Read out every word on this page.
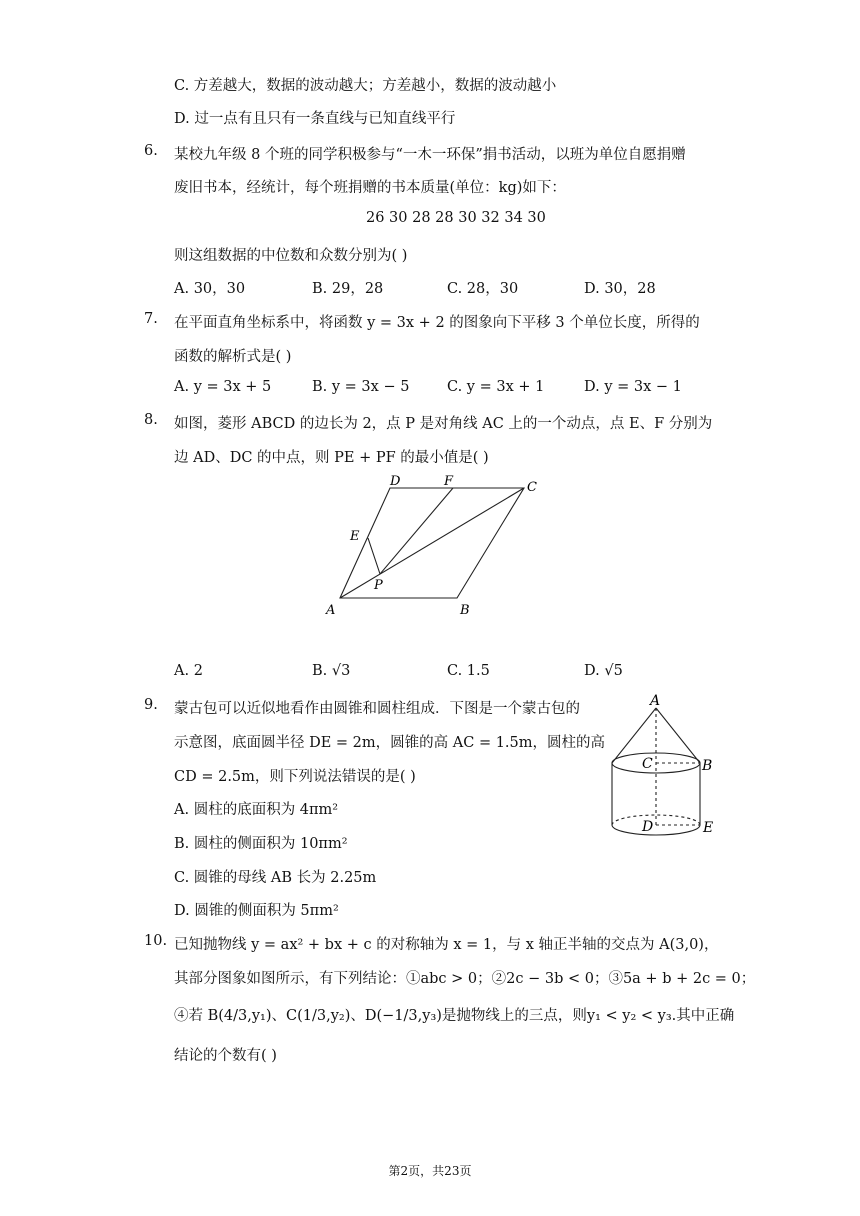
C. 方差越大，数据的波动越大；方差越小，数据的波动越小
D. 过一点有且只有一条直线与已知直线平行
6. 某校九年级 8 个班的同学积极参与“一木一环保”捐书活动，以班为单位自愿捐赠
废旧书本，经统计，每个班捐赠的书本质量(单位：kg)如下：
26 30 28 28 30 32 34 30
则这组数据的中位数和众数分别为( )
A. 30，30	B. 29，28	C. 28，30	D. 30，28
7. 在平面直角坐标系中，将函数 y = 3x + 2 的图象向下平移 3 个单位长度，所得的
函数的解析式是( )
A. y = 3x + 5	B. y = 3x − 5	C. y = 3x + 1	D. y = 3x − 1
8. 如图，菱形 ABCD 的边长为 2，点 P 是对角线 AC 上的一个动点，点 E、F 分别为
边 AD、DC 的中点，则 PE + PF 的最小值是( )
D	F	C
E
P
A	B
A. 2	B. √3	C. 1.5	D. √5
9. 蒙古包可以近似地看作由圆锥和圆柱组成．下图是一个蒙古包的
示意图，底面圆半径 DE = 2m，圆锥的高 AC = 1.5m，圆柱的高
CD = 2.5m，则下列说法错误的是( )
A. 圆柱的底面积为 4πm²
B. 圆柱的侧面积为 10πm²
C. 圆锥的母线 AB 长为 2.25m
D. 圆锥的侧面积为 5πm²
A
C	B
D	E
10. 已知抛物线 y = ax² + bx + c 的对称轴为 x = 1，与 x 轴正半轴的交点为 A(3,0)，
其部分图象如图所示，有下列结论：①abc > 0；②2c − 3b < 0；③5a + b + 2c = 0；
④若 B(4/3,y₁)、C(1/3,y₂)、D(−1/3,y₃)是抛物线上的三点，则y₁ < y₂ < y₃.其中正确
结论的个数有( )
第2页，共23页
